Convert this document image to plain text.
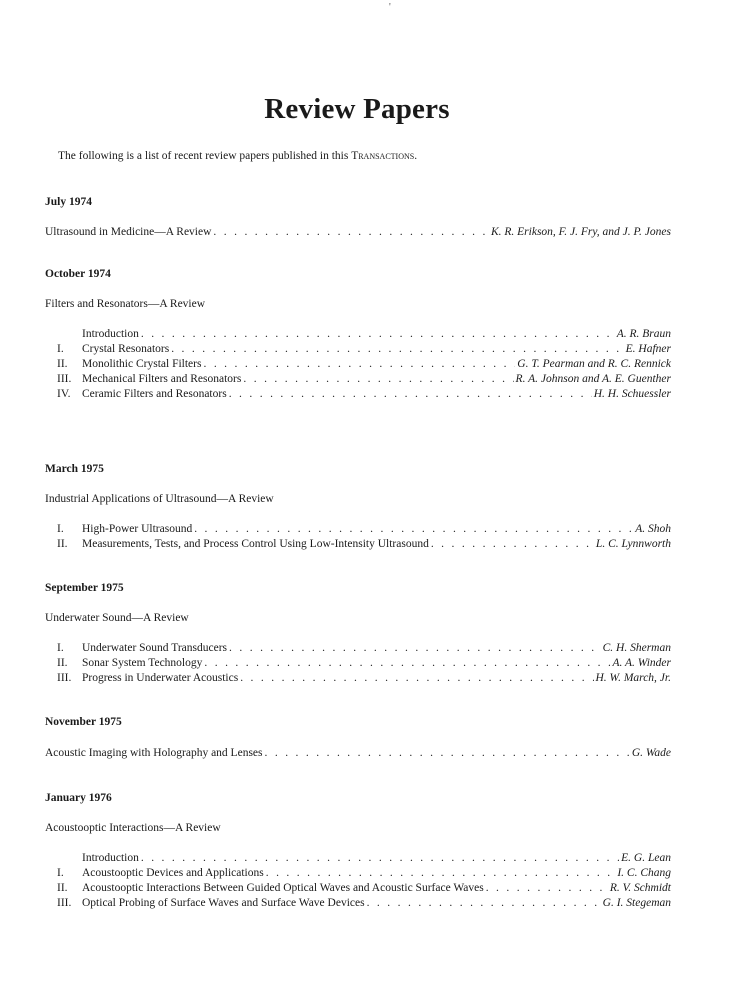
'
Review Papers
The following is a list of recent review papers published in this Transactions.
July 1974
Ultrasound in Medicine—A Review . . .	K. R. Erikson, F. J. Fry, and J. P. Jones
October 1974
Filters and Resonators—A Review
Introduction . . .	A. R. Braun
I.	Crystal Resonators . . .	E. Hafner
II.	Monolithic Crystal Filters . . .	G. T. Pearman and R. C. Rennick
III. Mechanical Filters and Resonators . . .	R. A. Johnson and A. E. Guenther
IV. Ceramic Filters and Resonators . . .	H. H. Schuessler
March 1975
Industrial Applications of Ultrasound—A Review
I.	High-Power Ultrasound . . .	A. Shoh
II.	Measurements, Tests, and Process Control Using Low-Intensity Ultrasound . . .	L. C. Lynnworth
September 1975
Underwater Sound—A Review
I.	Underwater Sound Transducers . . .	C. H. Sherman
II.	Sonar System Technology . . .	A. A. Winder
III. Progress in Underwater Acoustics . . .	H. W. March, Jr.
November 1975
Acoustic Imaging with Holography and Lenses . . .	G. Wade
January 1976
Acoustooptic Interactions—A Review
Introduction . . .	E. G. Lean
I.	Acoustooptic Devices and Applications . . .	I. C. Chang
II.	Acoustooptic Interactions Between Guided Optical Waves and Acoustic Surface Waves . . .	R. V. Schmidt
III. Optical Probing of Surface Waves and Surface Wave Devices . . .	G. I. Stegeman
